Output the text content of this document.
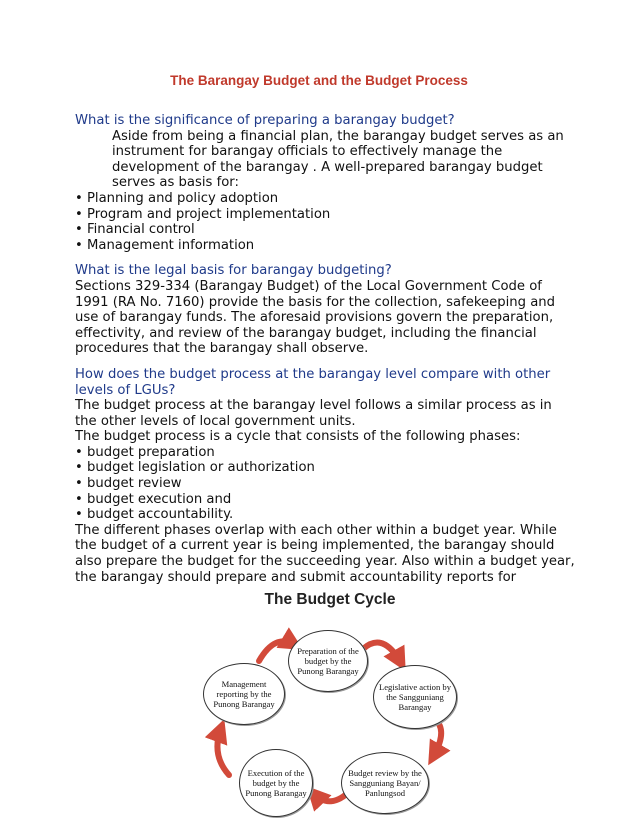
The Barangay Budget and the Budget Process

What is the significance of preparing a barangay budget?

Aside from being a financial plan, the barangay budget serves as an instrument for barangay officials to effectively manage the development of the barangay . A well-prepared barangay budget serves as basis for:

• Planning and policy adoption

• Program and project implementation

• Financial control

• Management information

What is the legal basis for barangay budgeting?

Sections 329-334 (Barangay Budget) of the Local Government Code of 1991 (RA No. 7160) provide the basis for the collection, safekeeping and use of barangay funds. The aforesaid provisions govern the preparation, effectivity, and review of the barangay budget, including the financial procedures that the barangay shall observe.

How does the budget process at the barangay level compare with other levels of LGUs?

The budget process at the barangay level follows a similar process as in the other levels of local government units.

The budget process is a cycle that consists of the following phases:

• budget preparation

• budget legislation or authorization

• budget review

• budget execution and

• budget accountability.

The different phases overlap with each other within a budget year. While the budget of a current year is being implemented, the barangay should also prepare the budget for the succeeding year. Also within a budget year, the barangay should prepare and submit accountability reports for

The Budget Cycle
Preparation of the budget by the Punong Barangay
Legislative action by the Sangguniang Barangay
Budget review by the Sangguniang Bayan/ Panlungsod
Execution of the budget by the Punong Barangay
Management reporting by the Punong Barangay
